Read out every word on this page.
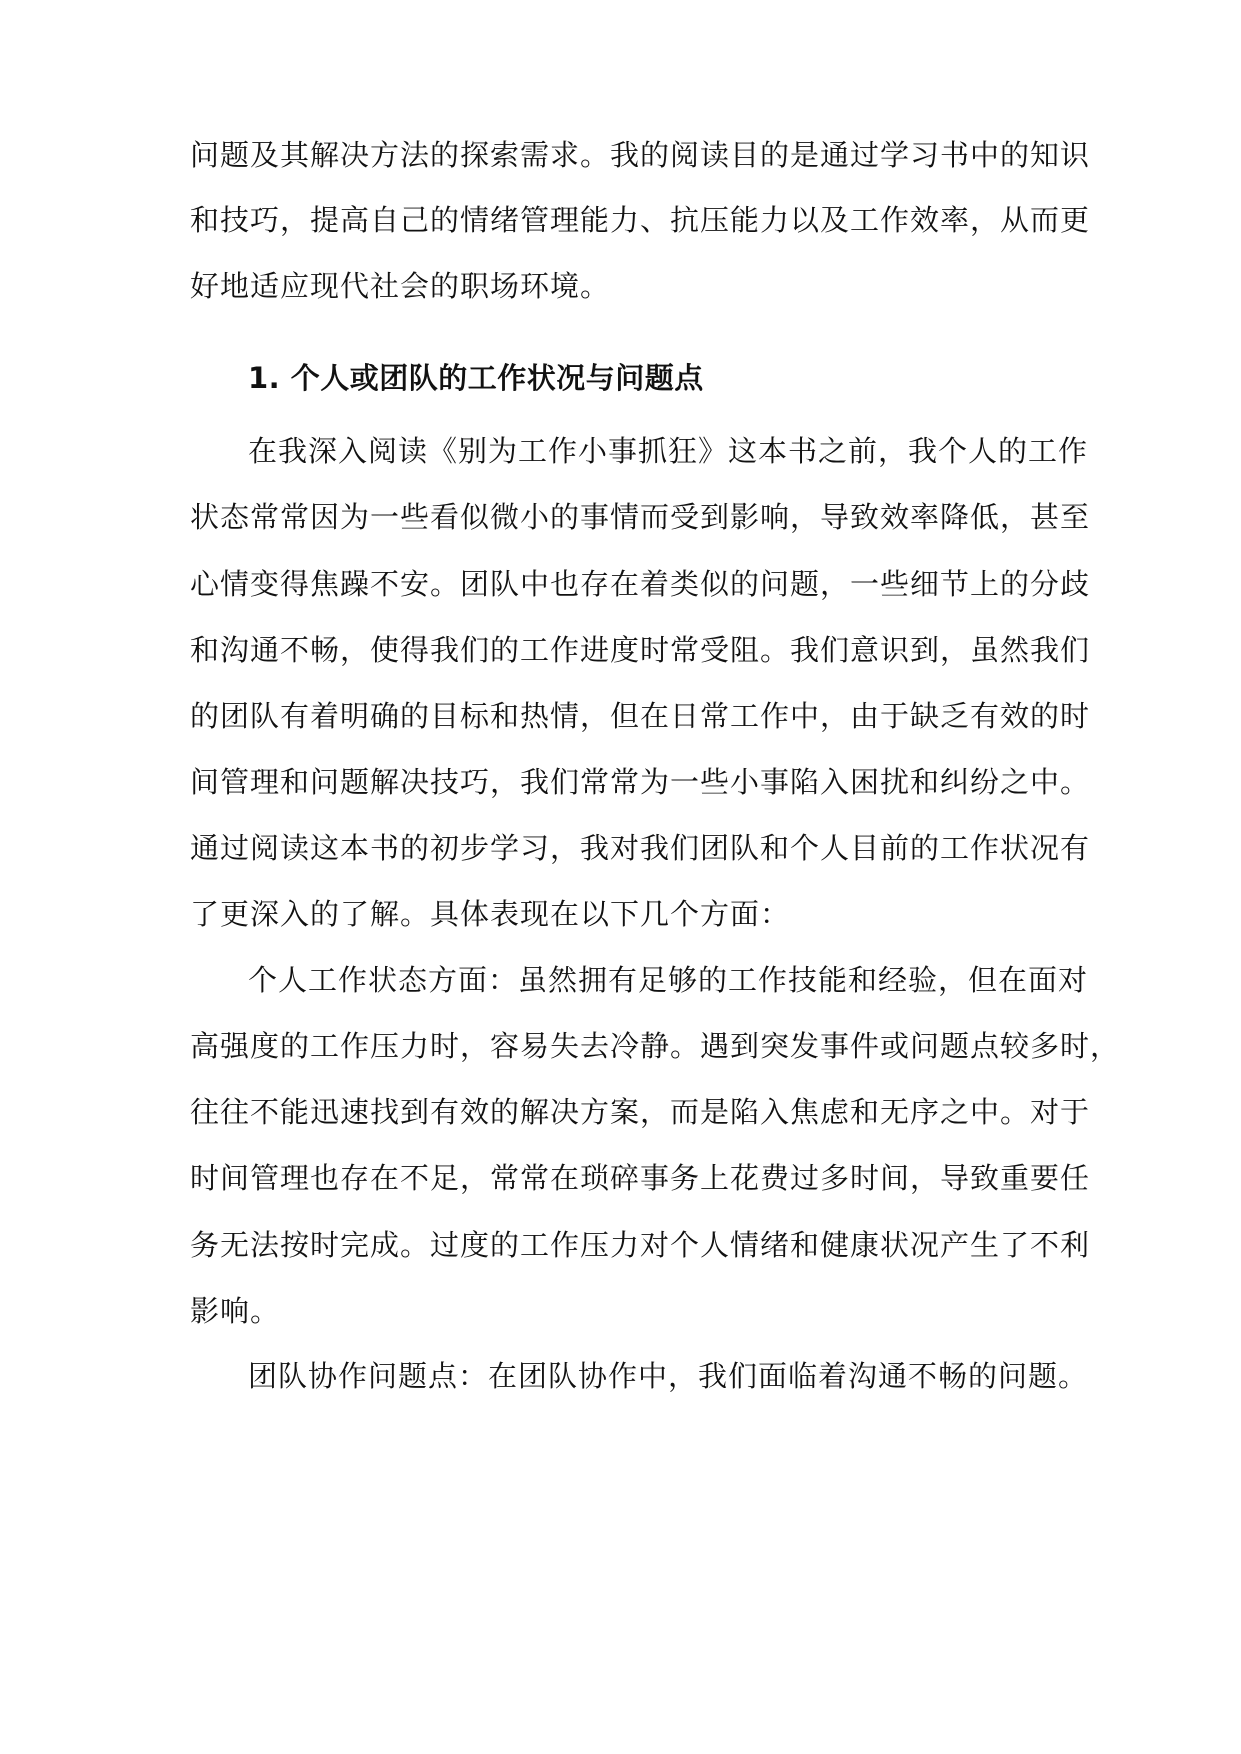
问题及其解决方法的探索需求。我的阅读目的是通过学习书中的知识
和技巧，提高自己的情绪管理能力、抗压能力以及工作效率，从而更
好地适应现代社会的职场环境。
1. 个人或团队的工作状况与问题点
在我深入阅读《别为工作小事抓狂》这本书之前，我个人的工作
状态常常因为一些看似微小的事情而受到影响，导致效率降低，甚至
心情变得焦躁不安。团队中也存在着类似的问题，一些细节上的分歧
和沟通不畅，使得我们的工作进度时常受阻。我们意识到，虽然我们
的团队有着明确的目标和热情，但在日常工作中，由于缺乏有效的时
间管理和问题解决技巧，我们常常为一些小事陷入困扰和纠纷之中。
通过阅读这本书的初步学习，我对我们团队和个人目前的工作状况有
了更深入的了解。具体表现在以下几个方面：
个人工作状态方面：虽然拥有足够的工作技能和经验，但在面对
高强度的工作压力时，容易失去冷静。遇到突发事件或问题点较多时，
往往不能迅速找到有效的解决方案，而是陷入焦虑和无序之中。对于
时间管理也存在不足，常常在琐碎事务上花费过多时间，导致重要任
务无法按时完成。过度的工作压力对个人情绪和健康状况产生了不利
影响。
团队协作问题点：在团队协作中，我们面临着沟通不畅的问题。
